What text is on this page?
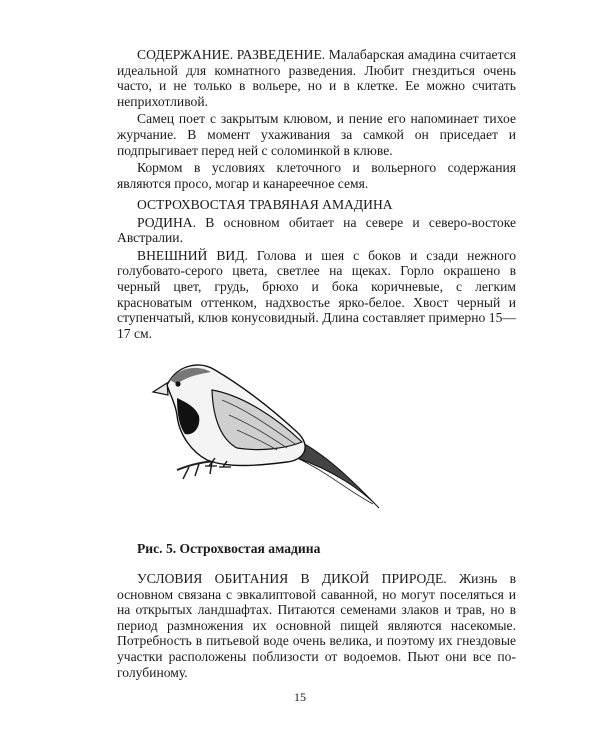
СОДЕРЖАНИЕ. РАЗВЕДЕНИЕ. Малабарская амадина считается идеальной для комнатного разведения. Любит гнездиться очень часто, и не только в вольере, но и в клетке. Ее можно считать неприхотливой.

Самец поет с закрытым клювом, и пение его напоминает тихое журчание. В момент ухаживания за самкой он приседает и подпрыгивает перед ней с соломинкой в клюве.

Кормом в условиях клеточного и вольерного содержания являются просо, могар и канареечное семя.

ОСТРОХВОСТАЯ ТРАВЯНАЯ АМАДИНА

РОДИНА. В основном обитает на севере и северо-востоке Австралии.

ВНЕШНИЙ ВИД. Голова и шея с боков и сзади нежного голубовато-серого цвета, светлее на щеках. Горло окрашено в черный цвет, грудь, брюхо и бока коричневые, с легким красноватым оттенком, надхвостье ярко-белое. Хвост черный и ступенчатый, клюв конусовидный. Длина составляет примерно 15—17 см.

Рис. 5. Острохвостая амадина

УСЛОВИЯ ОБИТАНИЯ В ДИКОЙ ПРИРОДЕ. Жизнь в основном связана с эвкалиптовой саванной, но могут поселяться и на открытых ландшафтах. Питаются семенами злаков и трав, но в период размножения их основной пищей являются насекомые. Потребность в питьевой воде очень велика, и поэтому их гнездовые участки расположены поблизости от водоемов. Пьют они все по-голубиному.

15
